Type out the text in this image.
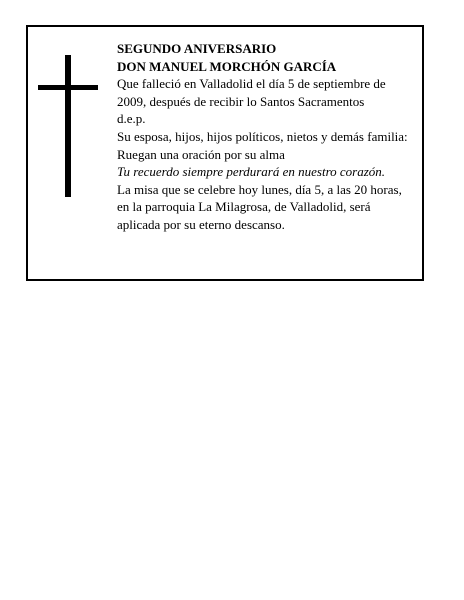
SEGUNDO ANIVERSARIO
DON MANUEL MORCHÓN GARCÍA
Que falleció en Valladolid el día 5 de septiembre de
2009, después de recibir lo Santos Sacramentos
d.e.p.
Su esposa, hijos, hijos políticos, nietos y demás familia:
Ruegan una oración por su alma
Tu recuerdo siempre perdurará en nuestro corazón.
La misa que se celebre hoy lunes, día 5, a las 20 horas,
en la parroquia La Milagrosa, de Valladolid, será
aplicada por su eterno descanso.
